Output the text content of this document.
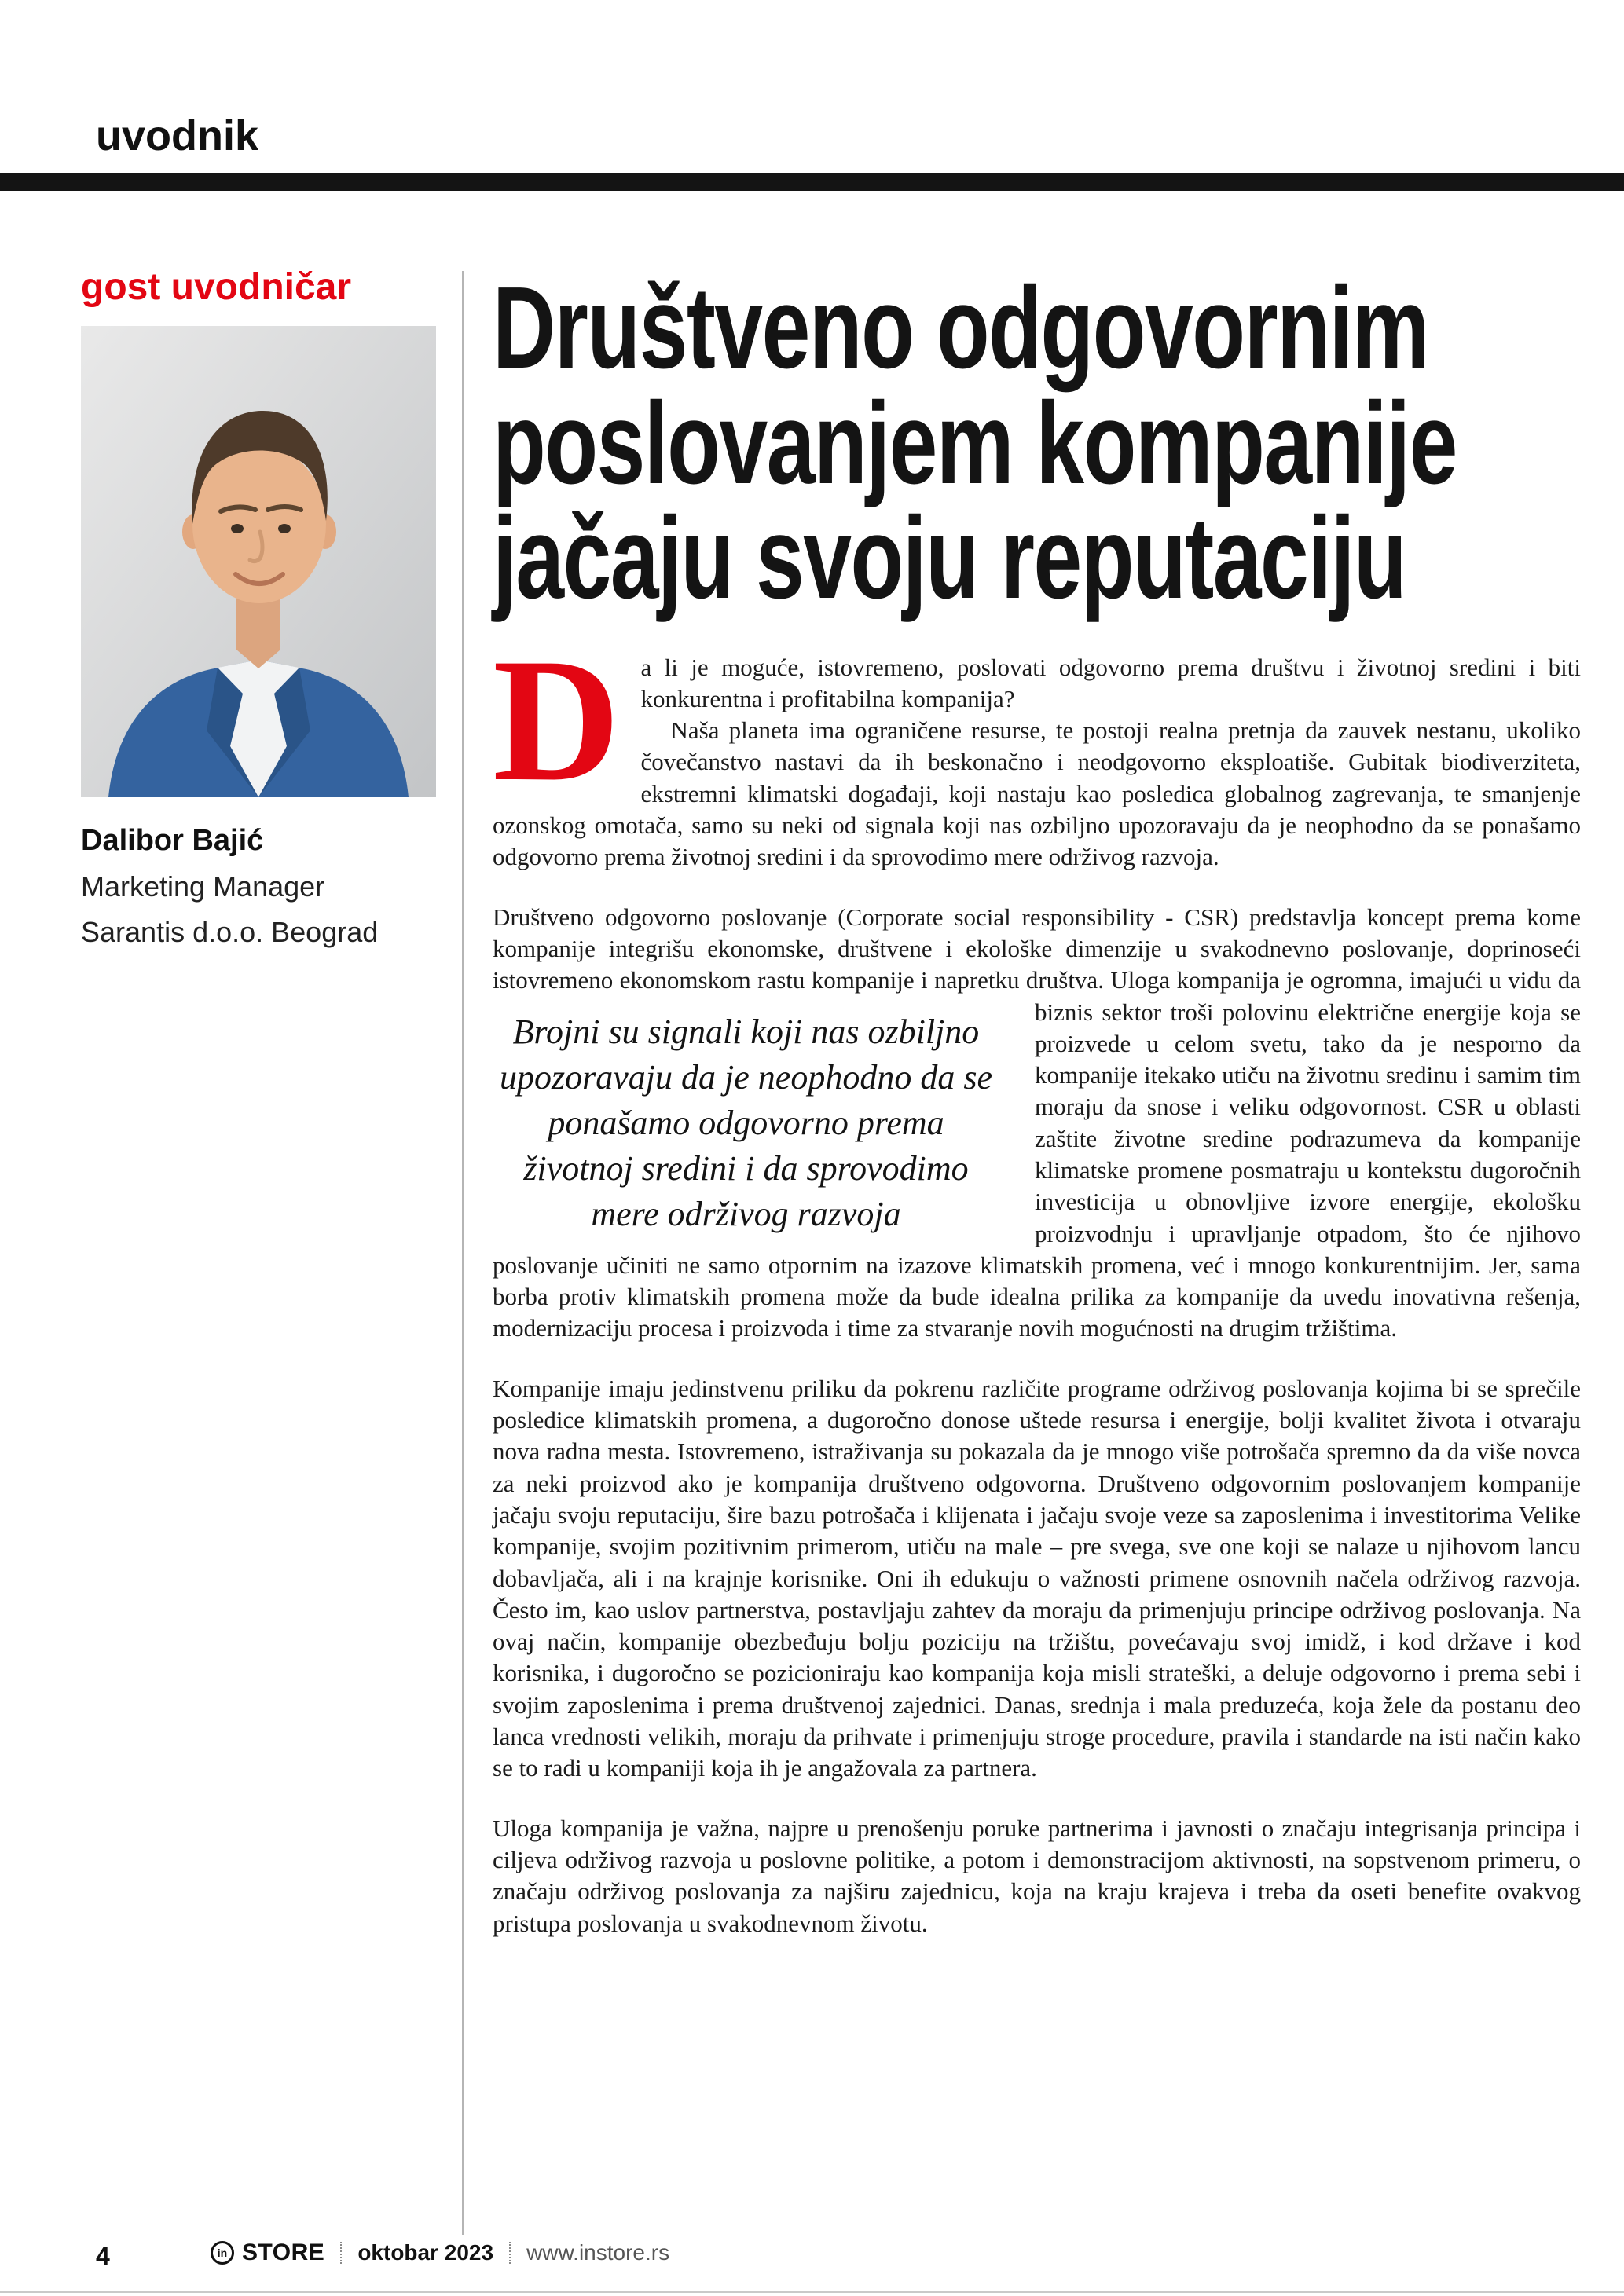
uvodnik
gost uvodničar
Dalibor Bajić
Marketing Manager
Sarantis d.o.o. Beograd
Društveno odgovornim poslovanjem kompanije jačaju svoju reputaciju
D a li je moguće, istovremeno, poslovati odgovorno prema društvu i životnoj sredini i biti konkurentna i profitabilna kompanija?

Naša planeta ima ograničene resurse, te postoji realna pretnja da zauvek nestanu, ukoliko čovečanstvo nastavi da ih beskonačno i neodgovorno eksploatiše. Gubitak biodiverziteta, ekstremni klimatski događaji, koji nastaju kao posledica globalnog zagrevanja, te smanjenje ozonskog omotača, samo su neki od signala koji nas ozbiljno upozoravaju da je neophodno da se ponašamo odgovorno prema životnoj sredini i da sprovodimo mere održivog razvoja.

Društveno odgovorno poslovanje (Corporate social responsibility - CSR) predstavlja koncept prema kome kompanije integrišu ekonomske, društvene i ekološke dimenzije u svakodnevno poslovanje, doprinoseći istovremeno ekonomskom rastu kompanije i napretku društva. Uloga kompanija je ogromna, imajući u vidu da biznis sektor troši
Brojni su signali koji nas ozbiljno upozoravaju da je neophodno da se ponašamo odgovorno prema životnoj sredini i da sprovodimo mere održivog razvoja
polovinu električne energije koja se proizvede u celom svetu, tako da je nesporno da kompanije itekako utiču na životnu sredinu i samim tim moraju da snose i veliku odgovornost. CSR u oblasti zaštite životne sredine podrazumeva da kompanije klimatske promene posmatraju u kontekstu dugoročnih investicija u obnovljive izvore energije, ekološku proizvodnju i upravljanje otpadom, što će njihovo poslovanje učiniti ne samo otpornim na izazove klimatskih promena, već i mnogo konkurentnijim. Jer, sama borba protiv klimatskih promena može da bude idealna prilika za kompanije da uvedu inovativna rešenja, modernizaciju procesa i proizvoda i time za stvaranje novih mogućnosti na drugim tržištima.

Kompanije imaju jedinstvenu priliku da pokrenu različite programe održivog poslovanja kojima bi se sprečile posledice klimatskih promena, a dugoročno donose uštede resursa i energije, bolji kvalitet života i otvaraju nova radna mesta. Istovremeno, istraživanja su pokazala da je mnogo više potrošača spremno da da više novca za neki proizvod ako je kompanija društveno odgovorna. Društveno odgovornim poslovanjem kompanije jačaju svoju reputaciju, šire bazu potrošača i klijenata i jačaju svoje veze sa zaposlenima i investitorima Velike kompanije, svojim pozitivnim primerom, utiču na male – pre svega, sve one koji se nalaze u njihovom lancu dobavljača, ali i na krajnje korisnike. Oni ih edukuju o važnosti primene osnovnih načela održivog razvoja. Često im, kao uslov partnerstva, postavljaju zahtev da moraju da primenjuju principe održivog poslovanja. Na ovaj način, kompanije obezbeđuju bolju poziciju na tržištu, povećavaju svoj imidž, i kod države i kod korisnika, i dugoročno se pozicioniraju kao kompanija koja misli strateški, a deluje odgovorno i prema sebi i svojim zaposlenima i prema društvenoj zajednici. Danas, srednja i mala preduzeća, koja žele da postanu deo lanca vrednosti velikih, moraju da prihvate i primenjuju stroge procedure, pravila i standarde na isti način kako se to radi u kompaniji koja ih je angažovala za partnera.

Uloga kompanija je važna, najpre u prenošenju poruke partnerima i javnosti o značaju integrisanja principa i ciljeva održivog razvoja u poslovne politike, a potom i demonstracijom aktivnosti, na sopstvenom primeru, o značaju održivog poslovanja za najširu zajednicu, koja na kraju krajeva i treba da oseti benefite ovakvog pristupa poslovanja u svakodnevnom životu.

4	in STORE oktobar 2023 www.instore.rs
